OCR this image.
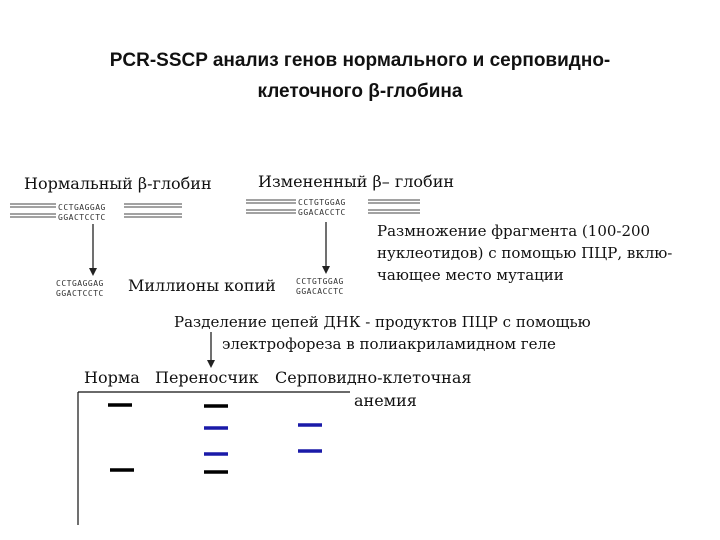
PCR-SSCP анализ генов нормального и серповидно-
клеточного β-глобина
Нормальный β-глобин	Измененный β– глобин
CCTGAGGAG
GGACTCCTC
CCTGTGGAG
GGACACCTC
CCTGAGGAG
GGACTCCTC Миллионы копий	CCTGTGGAG
GGACACCTC
Размножение фрагмента (100-200
нуклеотидов) с помощью ПЦР, вклю-
чающее место мутации
Разделение цепей ДНК - продуктов ПЦР с помощью
электрофореза в полиакриламидном геле
Норма Переносчик Серповидно-клеточная
анемия
